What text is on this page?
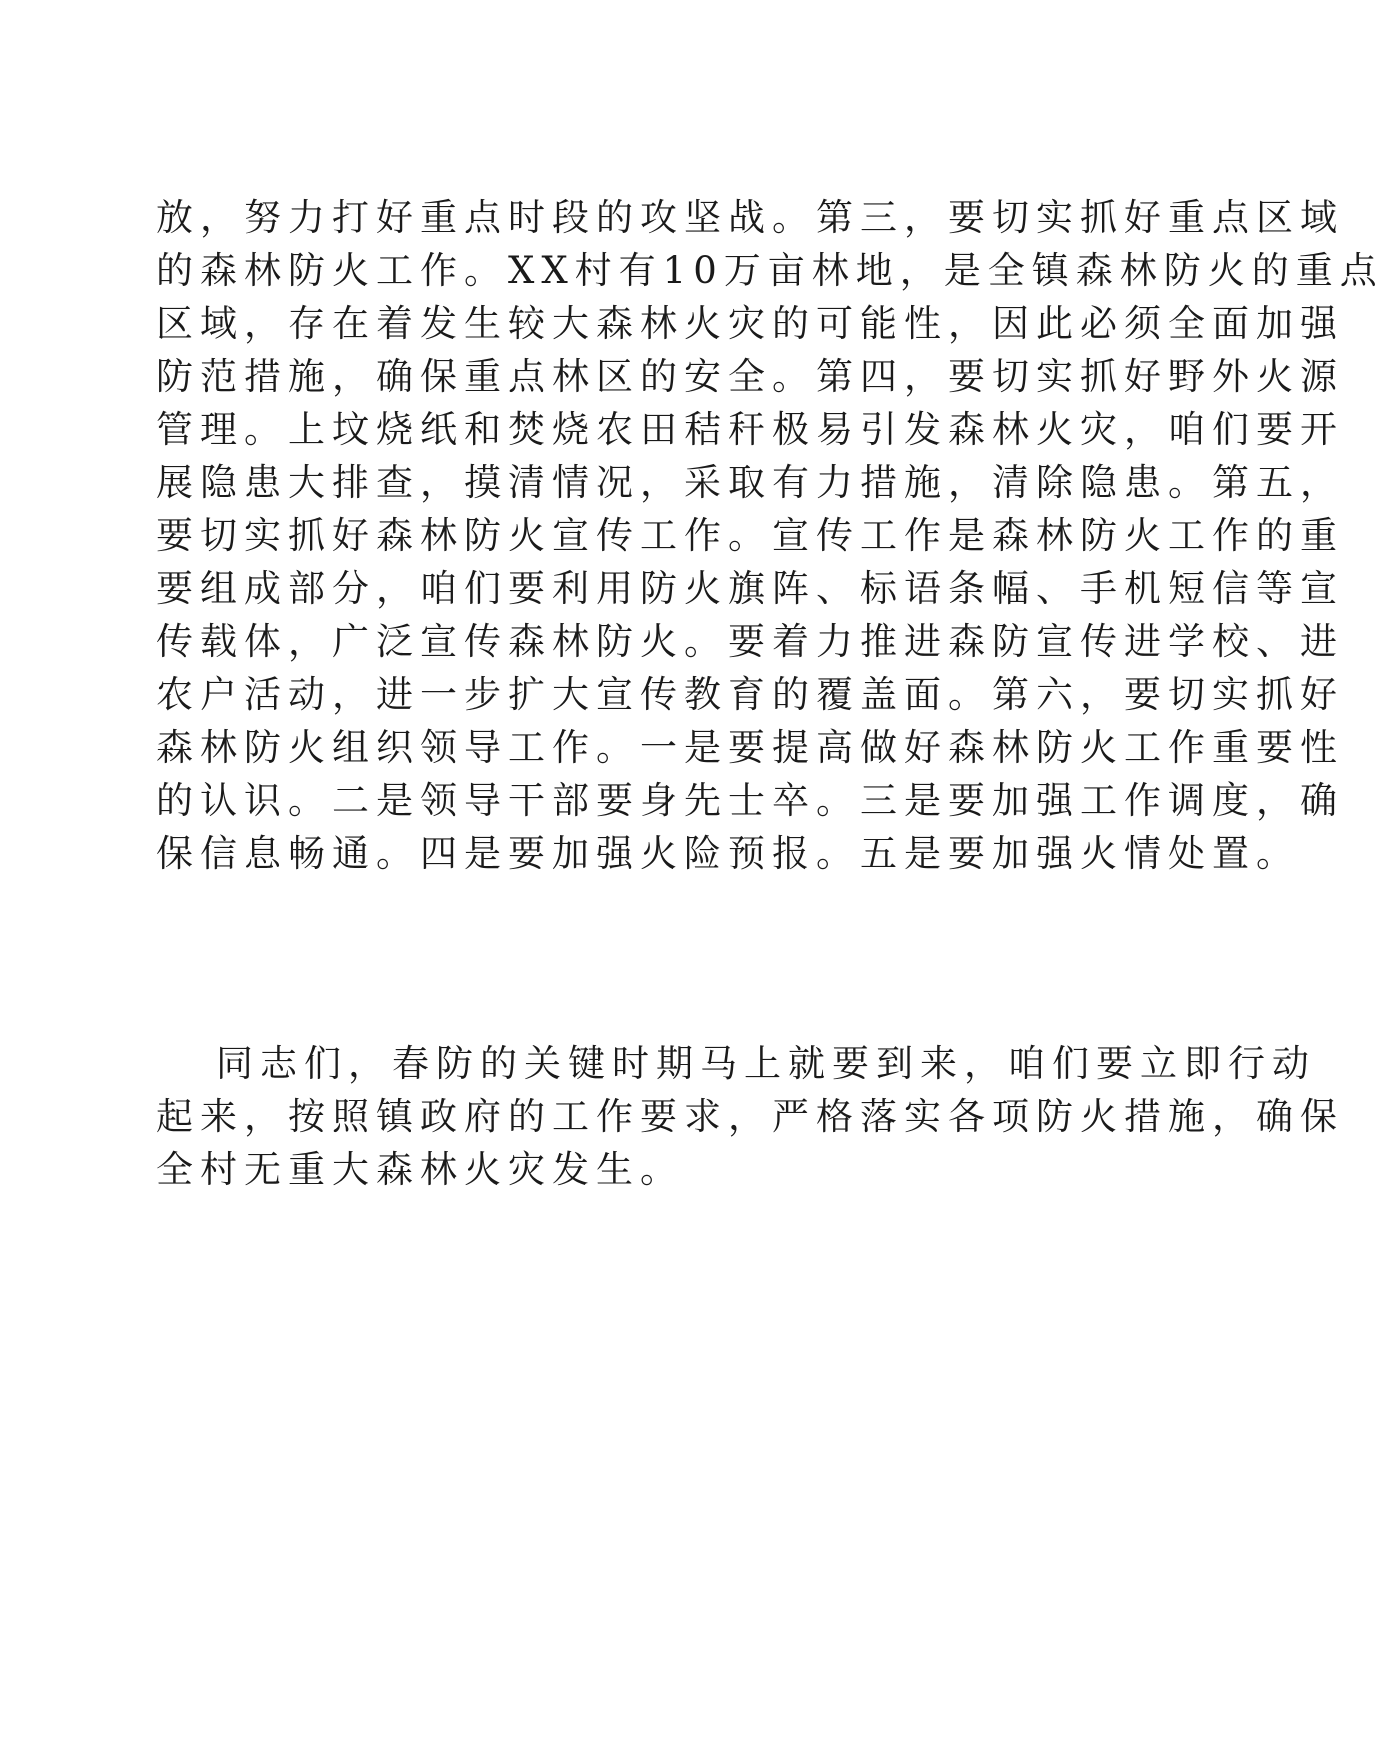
放，努力打好重点时段的攻坚战。第三，要切实抓好重点区域
的森林防火工作。XX村有10万亩林地，是全镇森林防火的重点
区域，存在着发生较大森林火灾的可能性，因此必须全面加强
防范措施，确保重点林区的安全。第四，要切实抓好野外火源
管理。上坟烧纸和焚烧农田秸秆极易引发森林火灾，咱们要开
展隐患大排查，摸清情况，采取有力措施，清除隐患。第五，
要切实抓好森林防火宣传工作。宣传工作是森林防火工作的重
要组成部分，咱们要利用防火旗阵、标语条幅、手机短信等宣
传载体，广泛宣传森林防火。要着力推进森防宣传进学校、进
农户活动，进一步扩大宣传教育的覆盖面。第六，要切实抓好
森林防火组织领导工作。一是要提高做好森林防火工作重要性
的认识。二是领导干部要身先士卒。三是要加强工作调度，确
保信息畅通。四是要加强火险预报。五是要加强火情处置。

同志们，春防的关键时期马上就要到来，咱们要立即行动
起来，按照镇政府的工作要求，严格落实各项防火措施，确保
全村无重大森林火灾发生。
